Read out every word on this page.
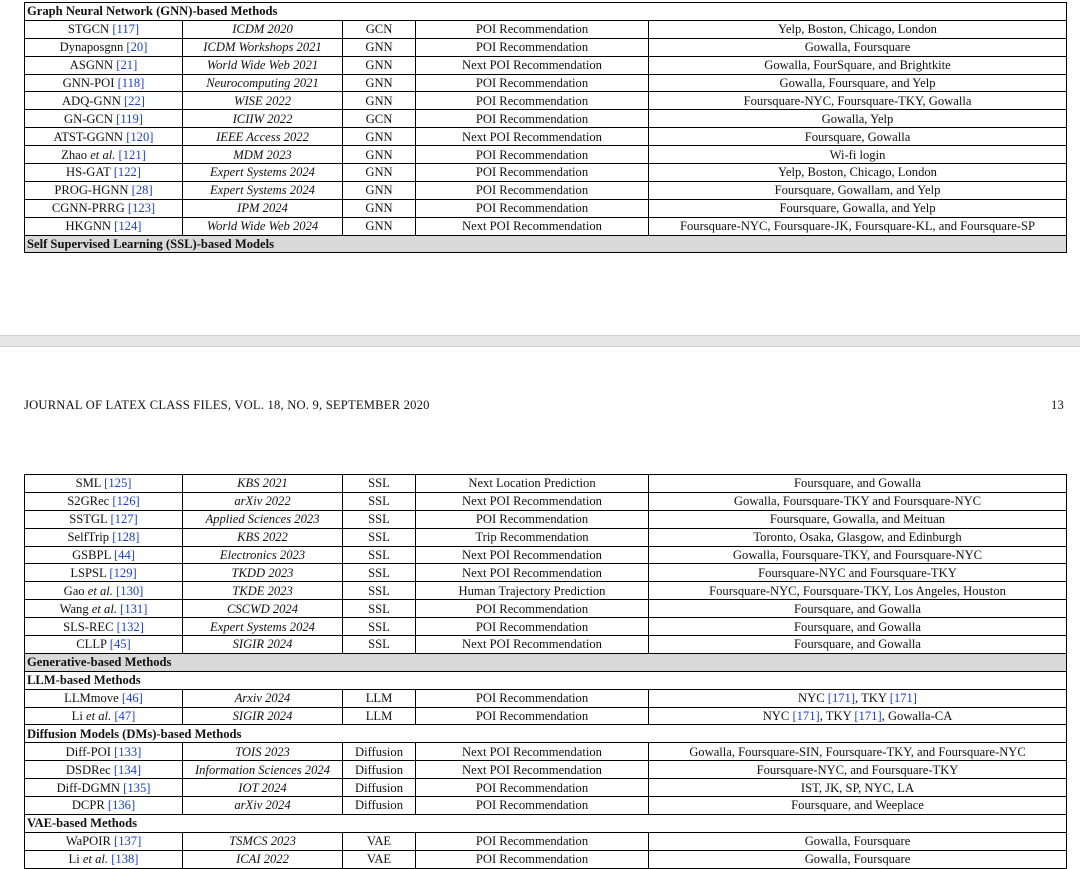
Graph Neural Network (GNN)-based Methods				
STGCN [117]	ICDM 2020	GCN	POI Recommendation	Yelp, Boston, Chicago, London
Dynaposgnn [20]	ICDM Workshops 2021	GNN	POI Recommendation	Gowalla, Foursquare
ASGNN [21]	World Wide Web 2021	GNN	Next POI Recommendation	Gowalla, FourSquare, and Brightkite
GNN-POI [118]	Neurocomputing 2021	GNN	POI Recommendation	Gowalla, Foursquare, and Yelp
ADQ-GNN [22]	WISE 2022	GNN	POI Recommendation	Foursquare-NYC, Foursquare-TKY, Gowalla
GN-GCN [119]	ICIIW 2022	GCN	POI Recommendation	Gowalla, Yelp
ATST-GGNN [120]	IEEE Access 2022	GNN	Next POI Recommendation	Foursquare, Gowalla
Zhao et al. [121]	MDM 2023	GNN	POI Recommendation	Wi-fi login
HS-GAT [122]	Expert Systems 2024	GNN	POI Recommendation	Yelp, Boston, Chicago, London
PROG-HGNN [28]	Expert Systems 2024	GNN	POI Recommendation	Foursquare, Gowallam, and Yelp
CGNN-PRRG [123]	IPM 2024	GNN	POI Recommendation	Foursquare, Gowalla, and Yelp
HKGNN [124]	World Wide Web 2024	GNN	Next POI Recommendation	Foursquare-NYC, Foursquare-JK, Foursquare-KL, and Foursquare-SP
Self Supervised Learning (SSL)-based Models				
JOURNAL OF LATEX CLASS FILES, VOL. 18, NO. 9, SEPTEMBER 2020	13
SML [125]	KBS 2021	SSL	Next Location Prediction	Foursquare, and Gowalla
S2GRec [126]	arXiv 2022	SSL	Next POI Recommendation	Gowalla, Foursquare-TKY and Foursquare-NYC
SSTGL [127]	Applied Sciences 2023	SSL	POI Recommendation	Foursquare, Gowalla, and Meituan
SelfTrip [128]	KBS 2022	SSL	Trip Recommendation	Toronto, Osaka, Glasgow, and Edinburgh
GSBPL [44]	Electronics 2023	SSL	Next POI Recommendation	Gowalla, Foursquare-TKY, and Foursquare-NYC
LSPSL [129]	TKDD 2023	SSL	Next POI Recommendation	Foursquare-NYC and Foursquare-TKY
Gao et al. [130]	TKDE 2023	SSL	Human Trajectory Prediction	Foursquare-NYC, Foursquare-TKY, Los Angeles, Houston
Wang et al. [131]	CSCWD 2024	SSL	POI Recommendation	Foursquare, and Gowalla
SLS-REC [132]	Expert Systems 2024	SSL	POI Recommendation	Foursquare, and Gowalla
CLLP [45]	SIGIR 2024	SSL	Next POI Recommendation	Foursquare, and Gowalla
Generative-based Methods				
LLM-based Methods				
LLMmove [46]	Arxiv 2024	LLM	POI Recommendation	NYC [171], TKY [171]
Li et al. [47]	SIGIR 2024	LLM	POI Recommendation	NYC [171], TKY [171], Gowalla-CA
Diffusion Models (DMs)-based Methods				
Diff-POI [133]	TOIS 2023	Diffusion	Next POI Recommendation	Gowalla, Foursquare-SIN, Foursquare-TKY, and Foursquare-NYC
DSDRec [134]	Information Sciences 2024	Diffusion	Next POI Recommendation	Foursquare-NYC, and Foursquare-TKY
Diff-DGMN [135]	IOT 2024	Diffusion	POI Recommendation	IST, JK, SP, NYC, LA
DCPR [136]	arXiv 2024	Diffusion	POI Recommendation	Foursquare, and Weeplace
VAE-based Methods				
WaPOIR [137]	TSMCS 2023	VAE	POI Recommendation	Gowalla, Foursquare
Li et al. [138]	ICAI 2022	VAE	POI Recommendation	Gowalla, Foursquare
